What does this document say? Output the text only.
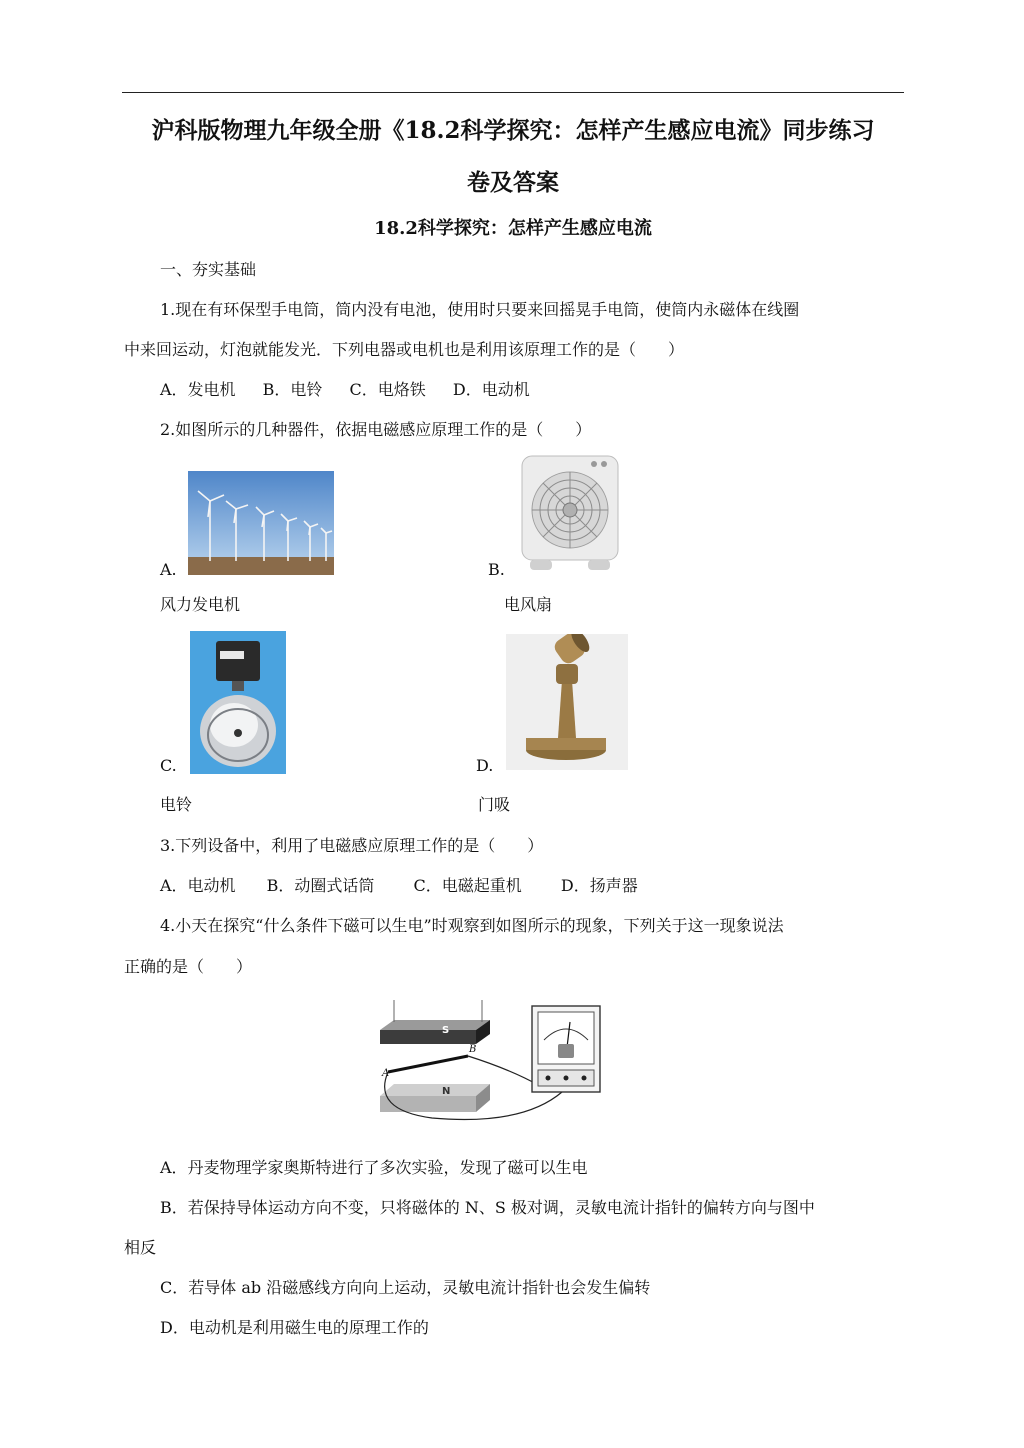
沪科版物理九年级全册《18.2科学探究：怎样产生感应电流》同步练习
卷及答案
18.2科学探究：怎样产生感应电流
一、夯实基础
1.现在有环保型手电筒，筒内没有电池，使用时只要来回摇晃手电筒，使筒内永磁体在线圈
中来回运动，灯泡就能发光．下列电器或电机也是利用该原理工作的是（　　）
A．发电机 B．电铃 C．电烙铁 D．电动机
2.如图所示的几种器件，依据电磁感应原理工作的是（　　）
A.
风力发电机
B.
电风扇
C.
电铃
D.
门吸
3.下列设备中，利用了电磁感应原理工作的是（　　）
A．电动机 B．动圈式话筒 C．电磁起重机 D．扬声器
4.小天在探究“什么条件下磁可以生电”时观察到如图所示的现象，下列关于这一现象说法
正确的是（　　）
S
A
B
N
A．丹麦物理学家奥斯特进行了多次实验，发现了磁可以生电
B．若保持导体运动方向不变，只将磁体的 N、S 极对调，灵敏电流计指针的偏转方向与图中
相反
C．若导体 ab 沿磁感线方向向上运动，灵敏电流计指针也会发生偏转
D．电动机是利用磁生电的原理工作的
